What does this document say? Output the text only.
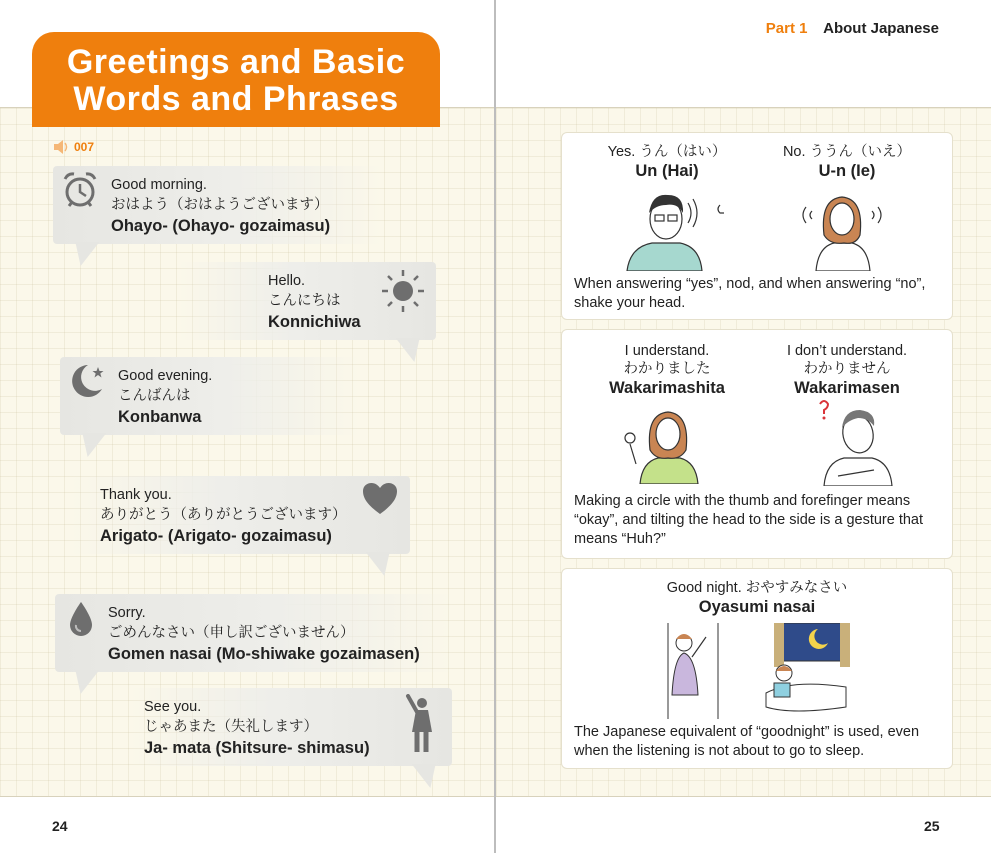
Greetings and Basic
Words and Phrases
007
Good morning.
おはよう（おはようございます）
Ohayo- (Ohayo- gozaimasu)
Hello.
こんにちは
Konnichiwa
Good evening.
こんばんは
Konbanwa
Thank you.
ありがとう（ありがとうございます）
Arigato- (Arigato- gozaimasu)
Sorry.
ごめんなさい（申し訳ございません）
Gomen nasai (Mo-shiwake gozaimasen)
See you.
じゃあまた（失礼します）
Ja- mata (Shitsure- shimasu)
24
Part 1 About Japanese
Yes. うん（はい）
Un (Hai)
No. ううん（いえ）
U-n (Ie)
When answering “yes”, nod, and when answering “no”, shake your head.
I understand.
わかりました
Wakarimashita
I don’t understand.
わかりません
Wakarimasen
Making a circle with the thumb and forefinger means “okay”, and tilting the head to the side is a gesture that means “Huh?”
Good night. おやすみなさい
Oyasumi nasai
The Japanese equivalent of “goodnight” is used, even when the listening is not about to go to sleep.
25
